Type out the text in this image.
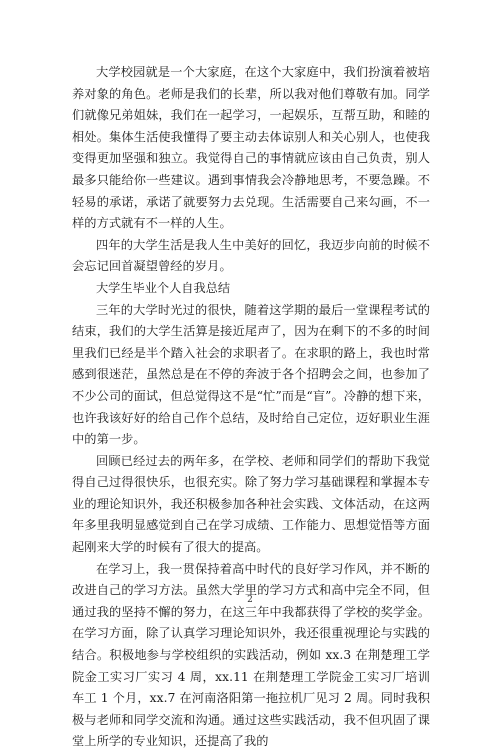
大学校园就是一个大家庭，在这个大家庭中，我们扮演着被培养对象的角色。老师是我们的长辈，所以我对他们尊敬有加。同学们就像兄弟姐妹，我们在一起学习，一起娱乐，互帮互助，和睦的相处。集体生活使我懂得了要主动去体谅别人和关心别人，也使我变得更加坚强和独立。我觉得自己的事情就应该由自己负责，别人最多只能给你一些建议。遇到事情我会冷静地思考，不要急躁。不轻易的承诺，承诺了就要努力去兑现。生活需要自己来勾画，不一样的方式就有不一样的人生。

四年的大学生活是我人生中美好的回忆，我迈步向前的时候不会忘记回首凝望曾经的岁月。

大学生毕业个人自我总结

三年的大学时光过的很快，随着这学期的最后一堂课程考试的结束，我们的大学生活算是接近尾声了，因为在剩下的不多的时间里我们已经是半个踏入社会的求职者了。在求职的路上，我也时常感到很迷茫，虽然总是在不停的奔波于各个招聘会之间，也参加了不少公司的面试，但总觉得这不是“忙”而是“盲”。冷静的想下来，也许我该好好的给自己作个总结，及时给自己定位，迈好职业生涯中的第一步。

回顾已经过去的两年多，在学校、老师和同学们的帮助下我觉得自己过得很快乐，也很充实。除了努力学习基础课程和掌握本专业的理论知识外，我还积极参加各种社会实践、文体活动，在这两年多里我明显感觉到自己在学习成绩、工作能力、思想觉悟等方面起刚来大学的时候有了很大的提高。

在学习上，我一贯保持着高中时代的良好学习作风，并不断的改进自己的学习方法。虽然大学里的学习方式和高中完全不同，但通过我的坚持不懈的努力，在这三年中我都获得了学校的奖学金。在学习方面，除了认真学习理论知识外，我还很重视理论与实践的结合。积极地参与学校组织的实践活动，例如 xx.3 在荆楚理工学院金工实习厂实习 4 周，xx.11 在荆楚理工学院金工实习厂培训车工 1 个月，xx.7 在河南洛阳第一拖拉机厂见习 2 周。同时我积极与老师和同学交流和沟通。通过这些实践活动，我不但巩固了课堂上所学的专业知识，还提高了我的

2
